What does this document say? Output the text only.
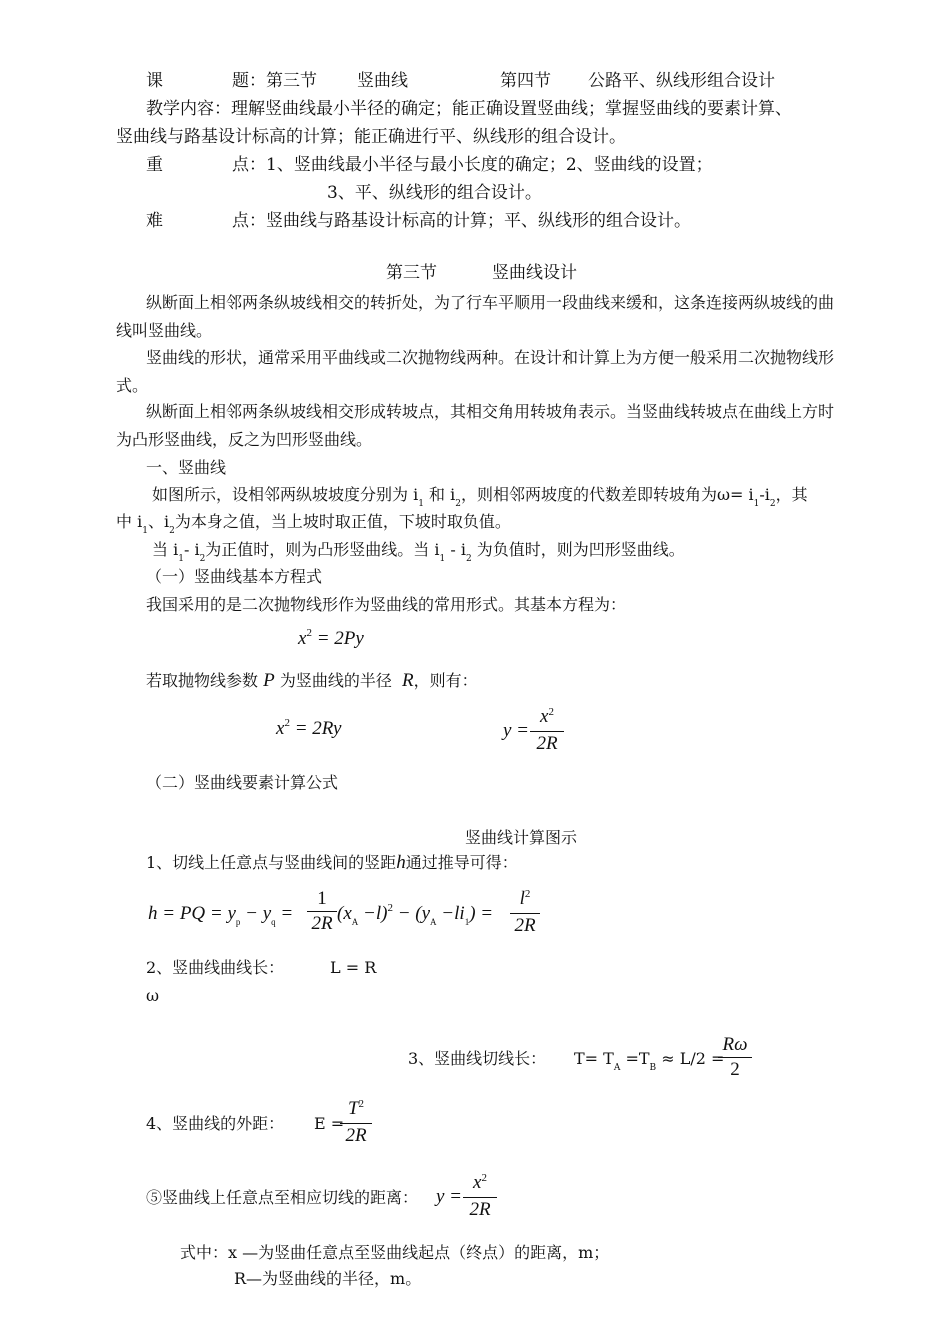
课	题：第三节 竖曲线	第四节 公路平、纵线形组合设计
教学内容：理解竖曲线最小半径的确定；能正确设置竖曲线；掌握竖曲线的要素计算、
竖曲线与路基设计标高的计算；能正确进行平、纵线形的组合设计。
重	点：1、竖曲线最小半径与最小长度的确定；2、竖曲线的设置；
3、平、纵线形的组合设计。
难	点：竖曲线与路基设计标高的计算；平、纵线形的组合设计。
第三节	竖曲线设计
纵断面上相邻两条纵坡线相交的转折处，为了行车平顺用一段曲线来缓和，这条连接两纵坡线的曲
线叫竖曲线。
竖曲线的形状，通常采用平曲线或二次抛物线两种。在设计和计算上为方便一般采用二次抛物线形
式。
纵断面上相邻两条纵坡线相交形成转坡点，其相交角用转坡角表示。当竖曲线转坡点在曲线上方时
为凸形竖曲线，反之为凹形竖曲线。
一、竖曲线
如图所示，设相邻两纵坡坡度分别为 $i_1$ 和 $i_2$，则相邻两坡度的代数差即转坡角为$\omega= i_1-i_2$，其
中 $i_1$、$i_2$为本身之值，当上坡时取正值，下坡时取负值。
当 $i_1-$ $i_2$为正值时，则为凸形竖曲线。当 $i_1 - i_2$ 为负值时，则为凹形竖曲线。
（一）竖曲线基本方程式
我国采用的是二次抛物线形作为竖曲线的常用形式。其基本方程为：
$x^2 = 2Py$
若取抛物线参数 P 为竖曲线的半径 R，则有：
$x^2 = 2Ry$	y =
$x^2$
2R
（二）竖曲线要素计算公式
竖曲线计算图示
1、切线上任意点与竖曲线间的竖距h通过推导可得：
h = PQ = $y_p - y_q$ =
1
2R $(x_A -l)^2 - (y_A -li_1)$ =
$l^2$
2R
2、竖曲线曲线长：	L = R
ω
3、竖曲线切线长： $T= T_A =T_B \approx L/2$ =
Rω
2
4、竖曲线的外距： E =
$T^2$
2R
⑤竖曲线上任意点至相应切线的距离： y =
$x^2$
2R
式中：x —为竖曲任意点至竖曲线起点（终点）的距离，m；
R—为竖曲线的半径，m。
